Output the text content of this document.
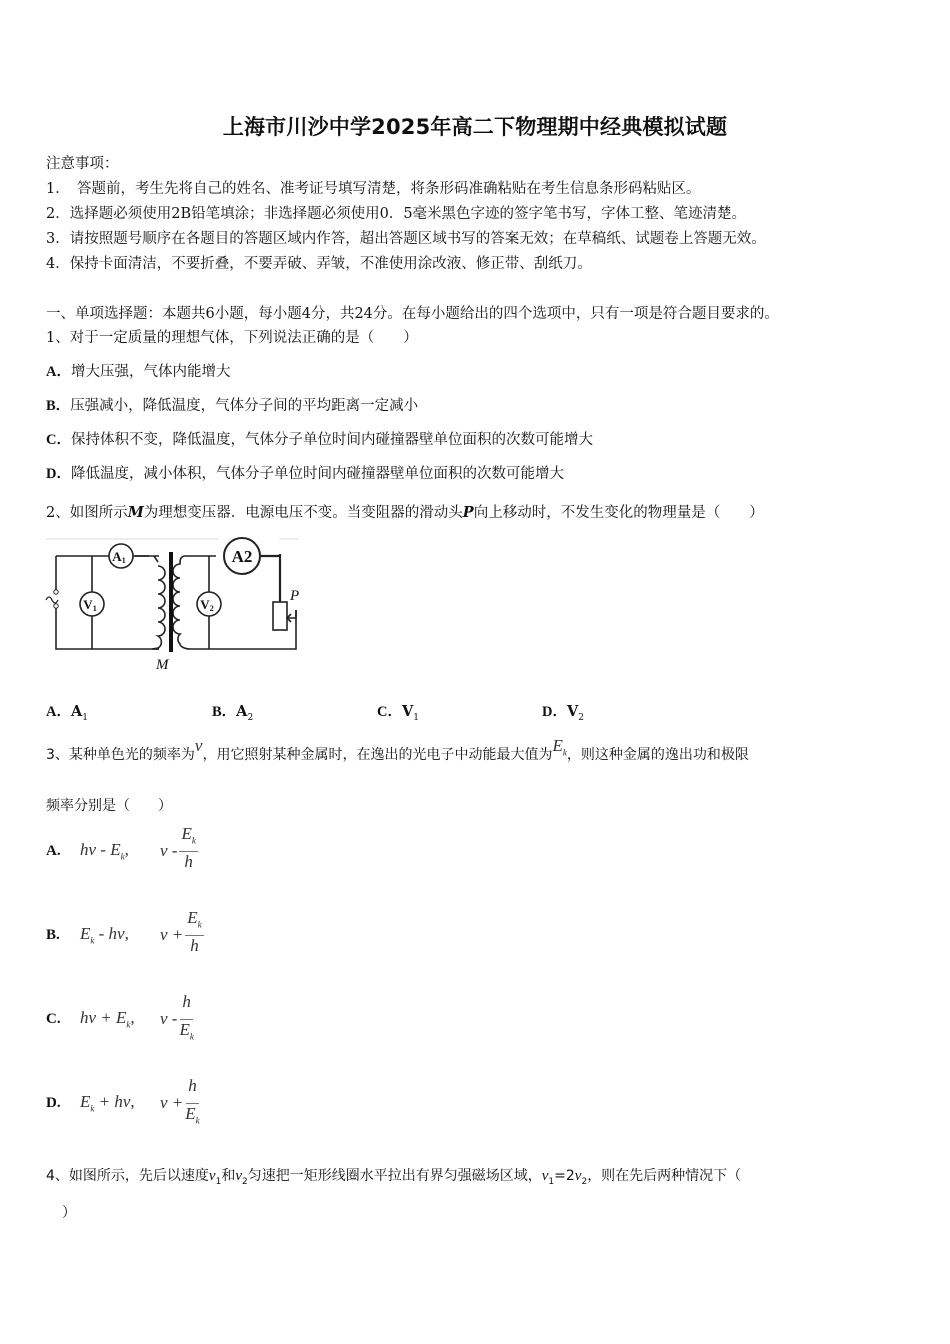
上海市川沙中学2025年高二下物理期中经典模拟试题
注意事项：
1．　答题前，考生先将自己的姓名、准考证号填写清楚，将条形码准确粘贴在考生信息条形码粘贴区。
2．选择题必须使用2B铅笔填涂；非选择题必须使用0．5毫米黑色字迹的签字笔书写，字体工整、笔迹清楚。
3．请按照题号顺序在各题目的答题区域内作答，超出答题区域书写的答案无效；在草稿纸、试题卷上答题无效。
4．保持卡面清洁，不要折叠，不要弄破、弄皱，不准使用涂改液、修正带、刮纸刀。
一、单项选择题：本题共6小题，每小题4分，共24分。在每小题给出的四个选项中，只有一项是符合题目要求的。
1、对于一定质量的理想气体，下列说法正确的是（　　）
A．增大压强，气体内能增大
B．压强减小，降低温度，气体分子间的平均距离一定减小
C．保持体积不变，降低温度，气体分子单位时间内碰撞器壁单位面积的次数可能增大
D．降低温度，减小体积，气体分子单位时间内碰撞器壁单位面积的次数可能增大
2、如图所示M为理想变压器．电源电压不变。当变阻器的滑动头P向上移动时，不发生变化的物理量是（　　）
A1
V1	V2
A2
P
M
A．$A_1$	B．$A_2$	C．$V_1$	D．$V_2$
3、某种单色光的频率为ν，用它照射某种金属时，在逸出的光电子中动能最大值为$E_k$，则这种金属的逸出功和极限
频率分别是（　　）
A.	hν - $E_k$,	ν - $\frac{E_k}{h}$
B.	$E_k$ - hν,	$\nu + \frac{E_k}{h}$
C.	$h\nu + E_k$,	ν - $\frac{h}{E_k}$
D.	$E_k + h\nu$,	$\nu + \frac{h}{E_k}$
4、如图所示，先后以速度$v_1$和$v_2$匀速把一矩形线圈水平拉出有界匀强磁场区域，$v_1=2v_2$，则在先后两种情况下（
）
